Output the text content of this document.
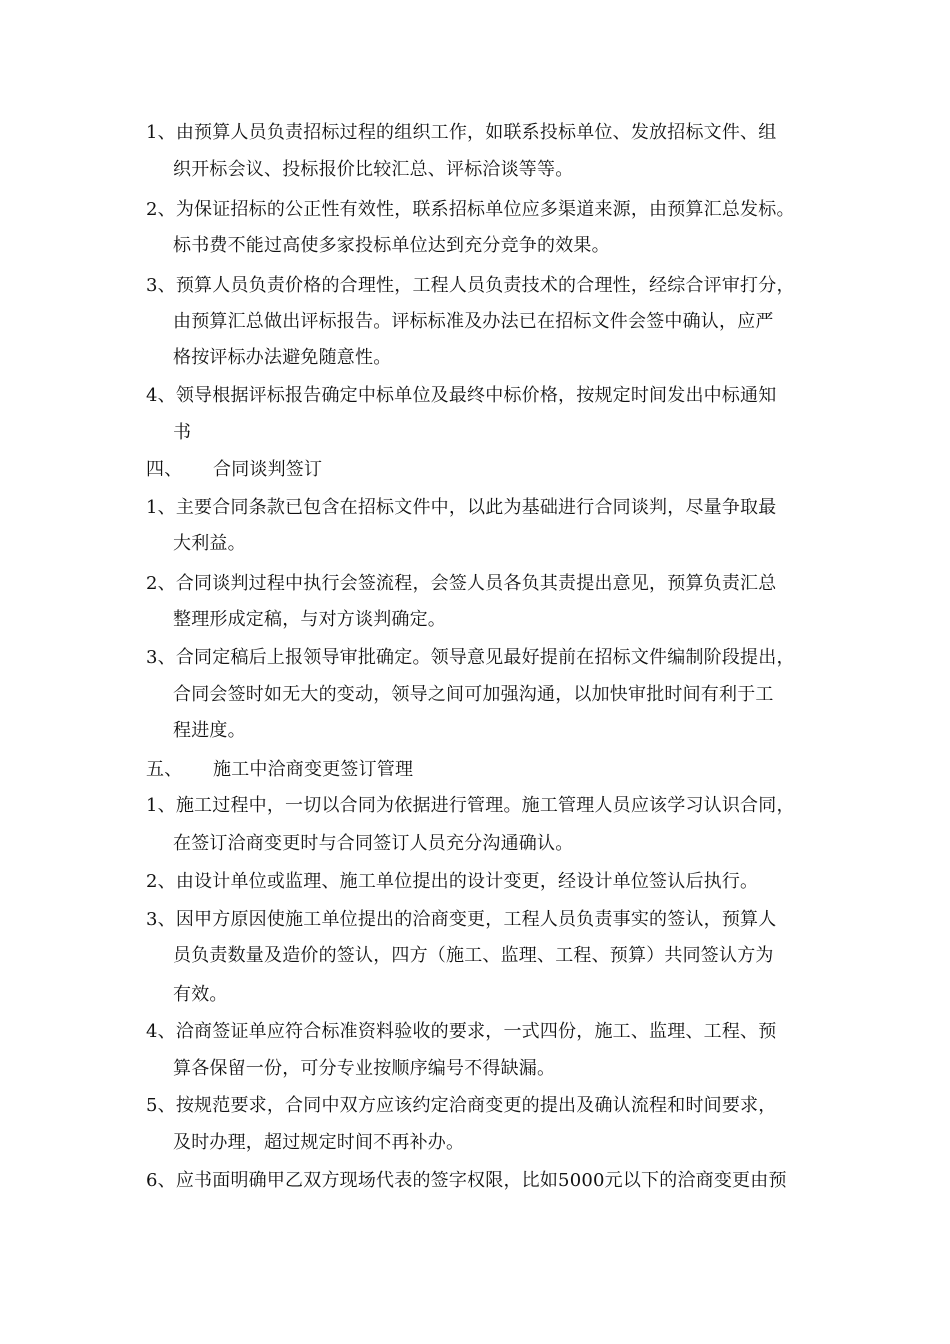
1、由预算人员负责招标过程的组织工作，如联系投标单位、发放招标文件、组
织开标会议、投标报价比较汇总、评标洽谈等等。
2、为保证招标的公正性有效性，联系招标单位应多渠道来源，由预算汇总发标。
标书费不能过高使多家投标单位达到充分竞争的效果。
3、预算人员负责价格的合理性，工程人员负责技术的合理性，经综合评审打分，
由预算汇总做出评标报告。评标标准及办法已在招标文件会签中确认，应严
格按评标办法避免随意性。
4、领导根据评标报告确定中标单位及最终中标价格，按规定时间发出中标通知
书
四、 合同谈判签订
1、主要合同条款已包含在招标文件中，以此为基础进行合同谈判，尽量争取最
大利益。
2、合同谈判过程中执行会签流程，会签人员各负其责提出意见，预算负责汇总
整理形成定稿，与对方谈判确定。
3、合同定稿后上报领导审批确定。领导意见最好提前在招标文件编制阶段提出，
合同会签时如无大的变动，领导之间可加强沟通，以加快审批时间有利于工
程进度。
五、 施工中洽商变更签订管理
1、施工过程中，一切以合同为依据进行管理。施工管理人员应该学习认识合同，
在签订洽商变更时与合同签订人员充分沟通确认。
2、由设计单位或监理、施工单位提出的设计变更，经设计单位签认后执行。
3、因甲方原因使施工单位提出的洽商变更，工程人员负责事实的签认，预算人
员负责数量及造价的签认，四方（施工、监理、工程、预算）共同签认方为
有效。
4、洽商签证单应符合标准资料验收的要求，一式四份，施工、监理、工程、预
算各保留一份，可分专业按顺序编号不得缺漏。
5、按规范要求，合同中双方应该约定洽商变更的提出及确认流程和时间要求，
及时办理，超过规定时间不再补办。
6、应书面明确甲乙双方现场代表的签字权限，比如5000元以下的洽商变更由预
